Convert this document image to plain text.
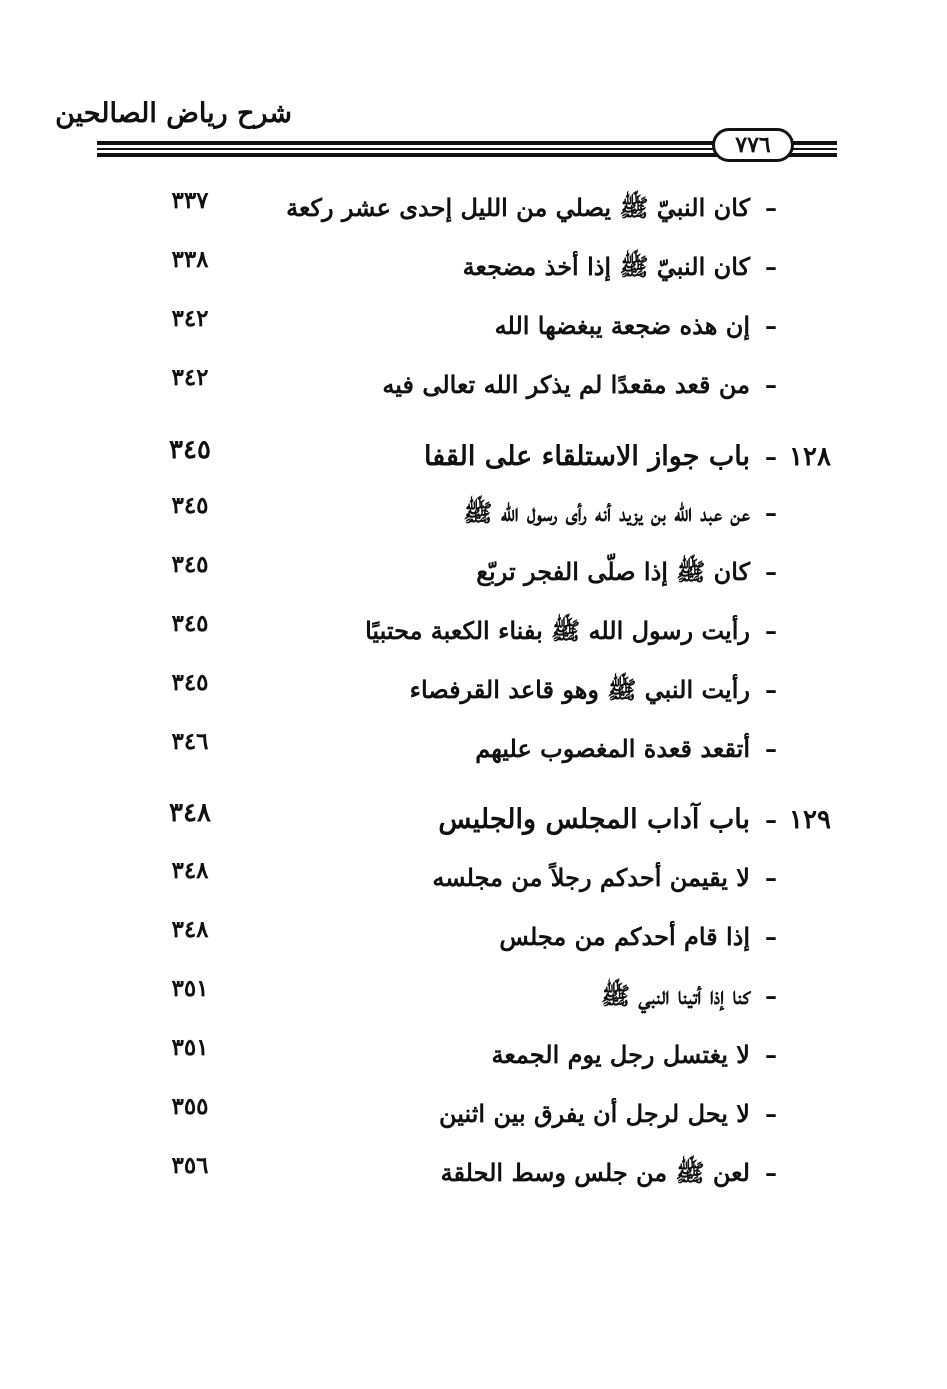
شرح رياض الصالحين
٧٧٦
–
كان النبيّ ﷺ يصلي من الليل إحدى عشر ركعة
٣٣٧
–
كان النبيّ ﷺ إذا أخذ مضجعة
٣٣٨
–
إن هذه ضجعة يبغضها الله
٣٤٢
–
من قعد مقعدًا لم يذكر الله تعالى فيه
٣٤٢
١٢٨
–
باب جواز الاستلقاء على القفا
٣٤٥
–
عن عبد الله بن يزيد أنه رأى رسول الله ﷺ
٣٤٥
–
كان ﷺ إذا صلّى الفجر تربّع
٣٤٥
–
رأيت رسول الله ﷺ بفناء الكعبة محتبيًا
٣٤٥
–
رأيت النبي ﷺ وهو قاعد القرفصاء
٣٤٥
–
أتقعد قعدة المغصوب عليهم
٣٤٦
١٢٩
–
باب آداب المجلس والجليس
٣٤٨
–
لا يقيمن أحدكم رجلاً من مجلسه
٣٤٨
–
إذا قام أحدكم من مجلس
٣٤٨
–
كنا إذا أتينا النبي ﷺ
٣٥١
–
لا يغتسل رجل يوم الجمعة
٣٥١
–
لا يحل لرجل أن يفرق بين اثنين
٣٥٥
–
لعن ﷺ من جلس وسط الحلقة
٣٥٦
